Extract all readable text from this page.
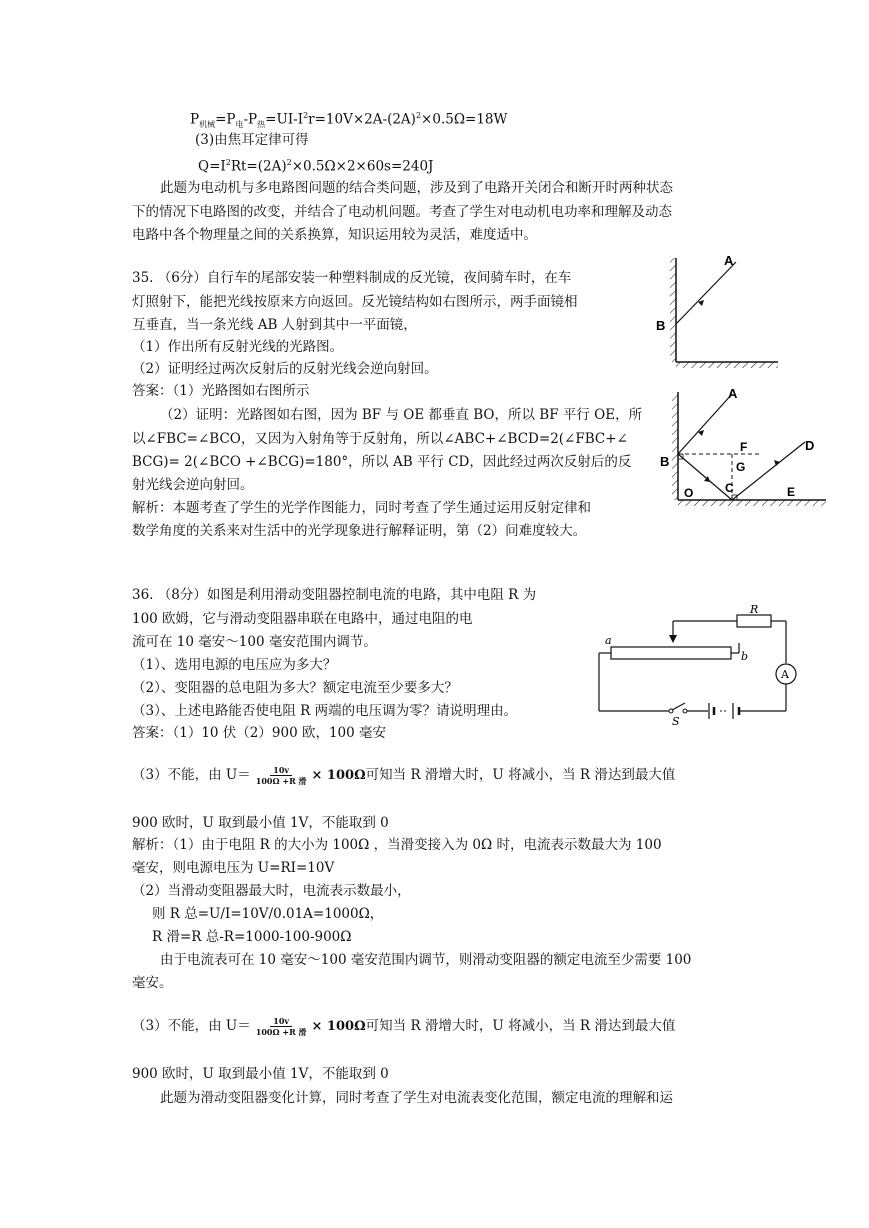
$P_{机械}=P_电-P_热=UI-I^2r=10V\times 2A-(2A)^2\times 0.5\Omega=18W$
(3)由焦耳定律可得
$Q=I^2Rt=(2A)^2\times 0.5\Omega\times 2\times 60s=240J$
此题为电动机与多电路图问题的结合类问题，涉及到了电路开关闭合和断开时两种状态
下的情况下电路图的改变，并结合了电动机问题。考查了学生对电动机电功率和理解及动态
电路中各个物理量之间的关系换算，知识运用较为灵活，难度适中。
35. （6分）自行车的尾部安装一种塑料制成的反光镜，夜间骑车时，在车
灯照射下，能把光线按原来方向返回。反光镜结构如右图所示，两手面镜相
互垂直，当一条光线 AB 人射到其中一平面镜，
（1）作出所有反射光线的光路图。
（2）证明经过两次反射后的反射光线会逆向射回。
答案：（1）光路图如右图所示
（2）证明：光路图如右图，因为 BF 与 OE 都垂直 BO，所以 BF 平行 OE，所
以∠FBC=∠BCO，又因为入射角等于反射角，所以∠ABC+∠BCD=2(∠FBC+∠
BCG)= 2(∠BCO +∠BCG)=180°，所以 AB 平行 CD，因此经过两次反射后的反
射光线会逆向射回。
解析：本题考查了学生的光学作图能力，同时考查了学生通过运用反射定律和
数学角度的关系来对生活中的光学现象进行解释证明，第（2）问难度较大。
A
B
A
B
F
G
D
O	C	E
36. （8分）如图是利用滑动变阻器控制电流的电路，其中电阻 R 为
100 欧姆，它与滑动变阻器串联在电路中，通过电阻的电
流可在 10 毫安～100 毫安范围内调节。
（1）、选用电源的电压应为多大？
（2）、变阻器的总电阻为多大？额定电流至少要多大？
（3）、上述电路能否使电阻 R 两端的电压调为零？请说明理由。
答案：（1）10 伏（2）900 欧，100 毫安
R
a
b
A
S
（3）不能，由 $U= \frac{10v}{\text{100Ω +R 滑}} \times 100\Omega$可知当 R 滑增大时，U 将减小，当 R 滑达到最大值
900 欧时，U 取到最小值 1V，不能取到 0
解析：（1）由于电阻 R 的大小为 100Ω ，当滑变接入为 0Ω 时，电流表示数最大为 100
毫安，则电源电压为 U=RI=10V
（2）当滑动变阻器最大时，电流表示数最小，
则 R 总=U/I=10V/0.01A=1000Ω，
R 滑=R 总-R=1000-100-900Ω
由于电流表可在 10 毫安～100 毫安范围内调节，则滑动变阻器的额定电流至少需要 100
毫安。
（3）不能，由 $U= \frac{10v}{\text{100Ω +R 滑}} \times 100\Omega$可知当 R 滑增大时，U 将减小，当 R 滑达到最大值
900 欧时，U 取到最小值 1V，不能取到 0
此题为滑动变阻器变化计算，同时考查了学生对电流表变化范围，额定电流的理解和运
